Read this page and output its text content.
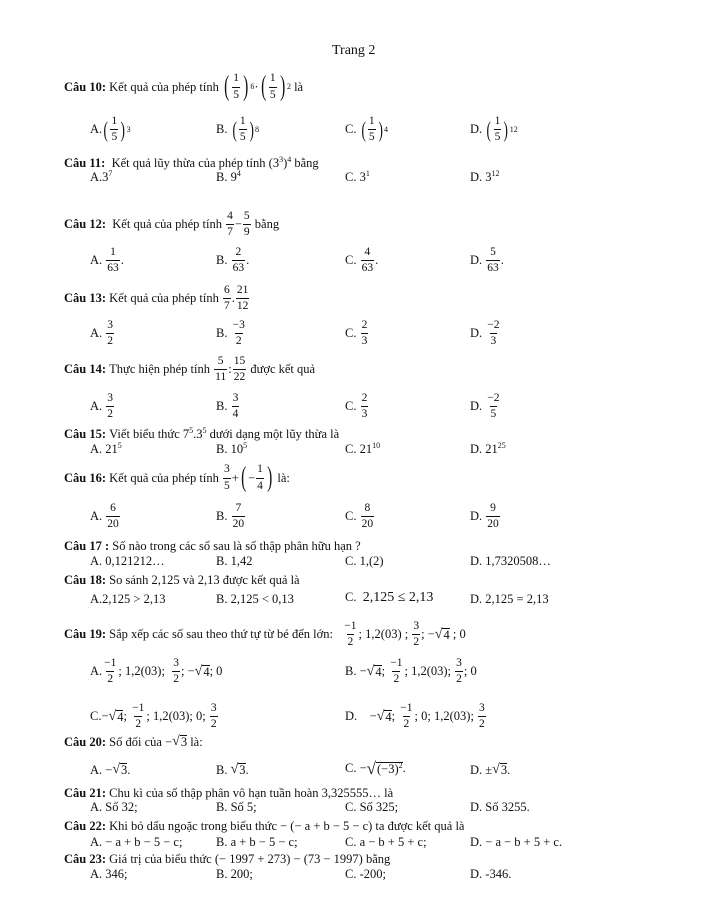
Trang 2
Câu 10:
Kết quả của phép tính
( $\frac{1}{5}$ ) 6 · ( $\frac{1}{5}$ ) 2
là
A. ( $\frac{1}{5}$ ) 3	B.
( $\frac{1}{5}$ ) 8	C.
( $\frac{1}{5}$ ) 4	D.
( $\frac{1}{5}$ ) 12
Câu 11: Kết quả lũy thừa của phép tính $(3^3)^4$ bằng
$A.3^7$	B. $9^4$	C. $3^1$	D. $3^{12}$
Câu 12:
Kết quả của phép tính
$\frac{4}{7} - \frac{5}{9}$
bằng
A.
$\frac{1}{63}$ .	B.
$\frac{2}{63}$ .	C.
$\frac{4}{63}$ .	D.
$\frac{5}{63}$ .
Câu 13:
Kết quả của phép tính
$\frac{6}{7}$ . $\frac{21}{12}$
A.
$\frac{3}{2}$	B.
$\frac{-3}{2}$	C.
$\frac{2}{3}$	D.
$\frac{-2}{3}$
Câu 14:
Thực hiện phép tính
$\frac{5}{11}$ : $\frac{15}{22}$
được kết quả
A.
$\frac{3}{2}$	B.
$\frac{3}{4}$	C.
$\frac{2}{3}$	D.
$\frac{-2}{5}$
Câu 15: Viết biểu thức $7^5.3^5$ dưới dạng một lũy thừa là
A. $21^5$	B. $10^5$	C. $21^{10}$	D. $21^{25}$
Câu 16:
Kết quả của phép tính
$\frac{3}{5}$ + ( − $\frac{1}{4}$ )
là:
A.
$\frac{6}{20}$	B.
$\frac{7}{20}$	C.
$\frac{8}{20}$	D.
$\frac{9}{20}$
Câu 17 : Số nào trong các số sau là số thập phân hữu hạn ?
A. 0,121212…	B. 1,42	C. 1,(2)	D. 1,7320508…
Câu 18: So sánh 2,125 và 2,13 được kết quả là
A.2,125 > 2,13	B. 2,125 < 0,13	C. 2,125 ≤ 2,13	D. 2,125 = 2,13
Câu 19:
Sắp xếp các số sau theo thứ tự từ bé đến lớn:
$\frac{-1}{2}$ ;
1,2(03)
;
$\frac{3}{2}$ ;
− √ 4
;
0
A. $\frac{-1}{2}$ ;
1,2(03) ;
$\frac{3}{2}$ ;
− √ 4 ;
0	B.
− √ 4 ;
$\frac{-1}{2}$ ;
1,2(03) ;
$\frac{3}{2}$ ;
0
C. − √ 4 ;
$\frac{-1}{2}$ ;
1,2(03) ;
0 ;
$\frac{3}{2}$	D.
− √ 4 ;
$\frac{-1}{2}$ ;
0 ;
1,2(03) ;
$\frac{3}{2}$
Câu 20:
Số đối của
− √ 3
là:
A.
− √ 3 .	B.
√ 3 .	C.
− √ $(-3)^2$ .	D.
± √ 3 .
Câu 21: Chu kì của số thập phân vô hạn tuần hoàn 3,325555… là
A. Số 32;	B. Số 5;	C. Số 325;	D. Số 3255.
Câu 22: Khi bỏ dấu ngoặc trong biểu thức − (− a + b − 5 − c) ta được kết quả là
A. − a + b − 5 − c;	B. a + b − 5 − c;	C. a − b + 5 + c;	D. − a − b + 5 + c.
Câu 23: Giá trị của biểu thức (− 1997 + 273) − (73 − 1997) bằng
A. 346;	B. 200;	C. -200;	D. -346.
